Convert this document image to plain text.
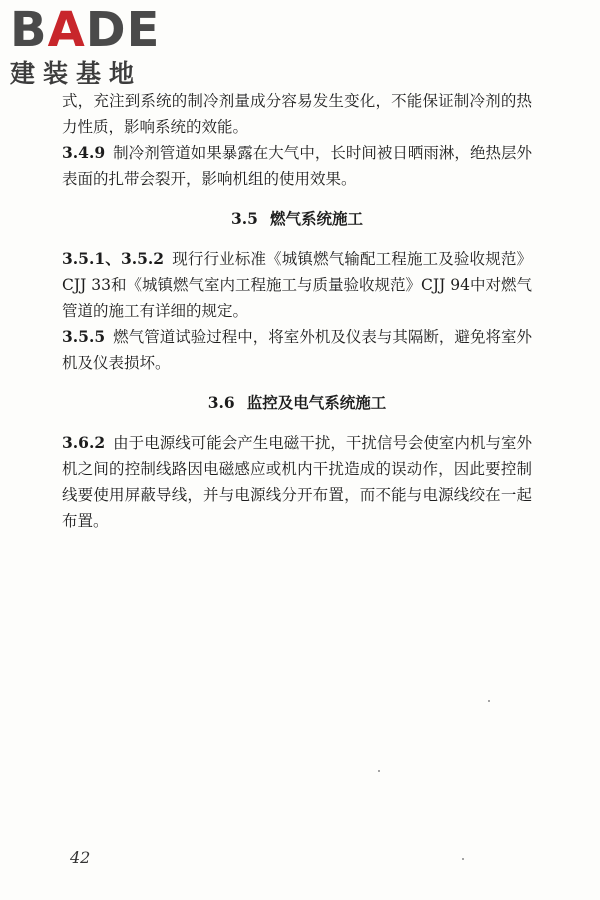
B A D E
建装基地

式，充注到系统的制冷剂量成分容易发生变化，不能保证制冷剂的热力性质，影响系统的效能。

3.4.9 制冷剂管道如果暴露在大气中，长时间被日晒雨淋，绝热层外表面的扎带会裂开，影响机组的使用效果。

3.5 燃气系统施工

3.5.1、3.5.2 现行行业标准《城镇燃气输配工程施工及验收规范》CJJ 33和《城镇燃气室内工程施工与质量验收规范》CJJ 94中对燃气管道的施工有详细的规定。

3.5.5 燃气管道试验过程中，将室外机及仪表与其隔断，避免将室外机及仪表损坏。

3.6 监控及电气系统施工

3.6.2 由于电源线可能会产生电磁干扰，干扰信号会使室内机与室外机之间的控制线路因电磁感应或机内干扰造成的误动作，因此要控制线要使用屏蔽导线，并与电源线分开布置，而不能与电源线绞在一起布置。

42
